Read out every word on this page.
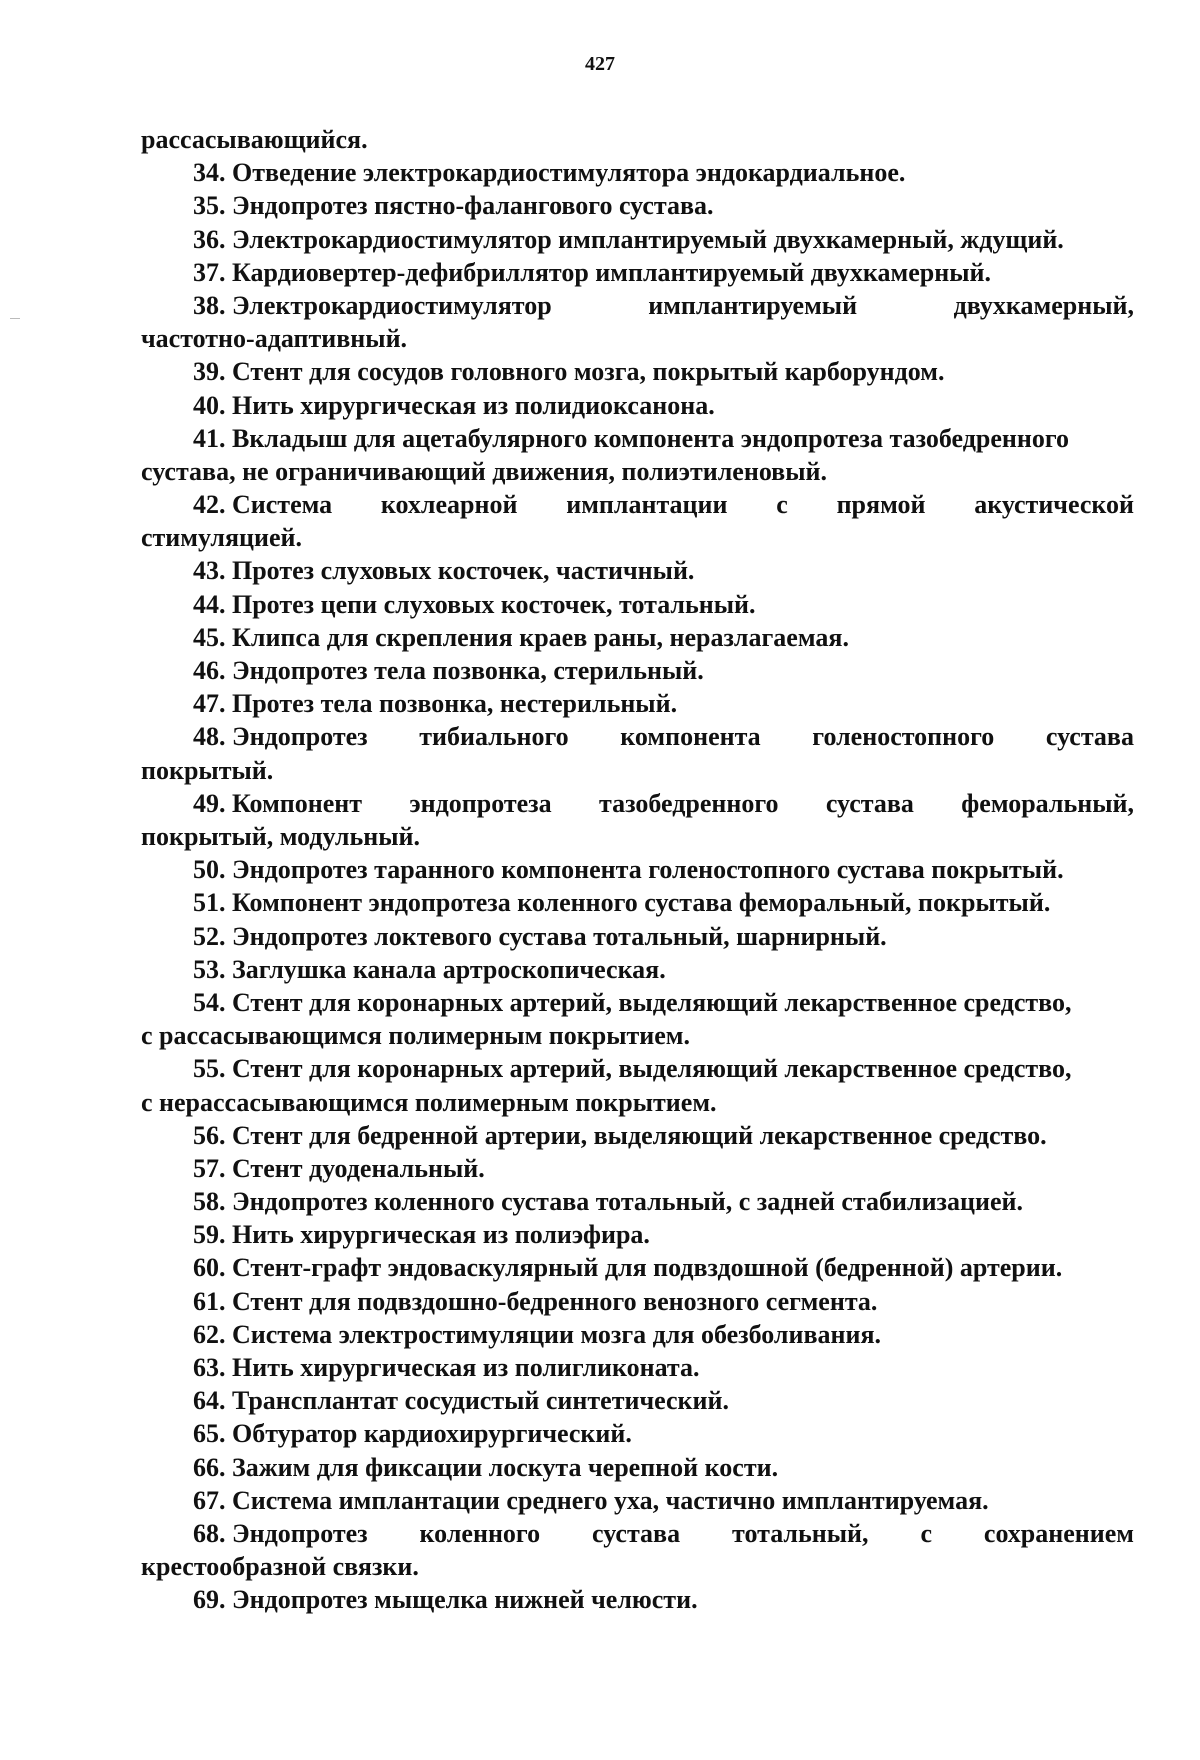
427
рассасывающийся.
34. Отведение электрокардиостимулятора эндокардиальное.
35. Эндопротез пястно-фалангового сустава.
36. Электрокардиостимулятор имплантируемый двухкамерный, ждущий.
37. Кардиовертер-дефибриллятор имплантируемый двухкамерный.
38. Электрокардиостимулятор	имплантируемый	двухкамерный,
частотно-адаптивный.
39. Стент для сосудов головного мозга, покрытый карборундом.
40. Нить хирургическая из полидиоксанона.
41. Вкладыш для ацетабулярного компонента эндопротеза тазобедренного
сустава, не ограничивающий движения, полиэтиленовый.
42. Система кохлеарной имплантации с прямой акустической
стимуляцией.
43. Протез слуховых косточек, частичный.
44. Протез цепи слуховых косточек, тотальный.
45. Клипса для скрепления краев раны, неразлагаемая.
46. Эндопротез тела позвонка, стерильный.
47. Протез тела позвонка, нестерильный.
48. Эндопротез тибиального компонента голеностопного сустава
покрытый.
49. Компонент эндопротеза тазобедренного сустава феморальный,
покрытый, модульный.
50. Эндопротез таранного компонента голеностопного сустава покрытый.
51. Компонент эндопротеза коленного сустава феморальный, покрытый.
52. Эндопротез локтевого сустава тотальный, шарнирный.
53. Заглушка канала артроскопическая.
54. Стент для коронарных артерий, выделяющий лекарственное средство,
с рассасывающимся полимерным покрытием.
55. Стент для коронарных артерий, выделяющий лекарственное средство,
с нерассасывающимся полимерным покрытием.
56. Стент для бедренной артерии, выделяющий лекарственное средство.
57. Стент дуоденальный.
58. Эндопротез коленного сустава тотальный, с задней стабилизацией.
59. Нить хирургическая из полиэфира.
60. Стент-графт эндоваскулярный для подвздошной (бедренной) артерии.
61. Стент для подвздошно-бедренного венозного сегмента.
62. Система электростимуляции мозга для обезболивания.
63. Нить хирургическая из полигликоната.
64. Трансплантат сосудистый синтетический.
65. Обтуратор кардиохирургический.
66. Зажим для фиксации лоскута черепной кости.
67. Система имплантации среднего уха, частично имплантируемая.
68. Эндопротез коленного сустава тотальный, с сохранением
крестообразной связки.
69. Эндопротез мыщелка нижней челюсти.
